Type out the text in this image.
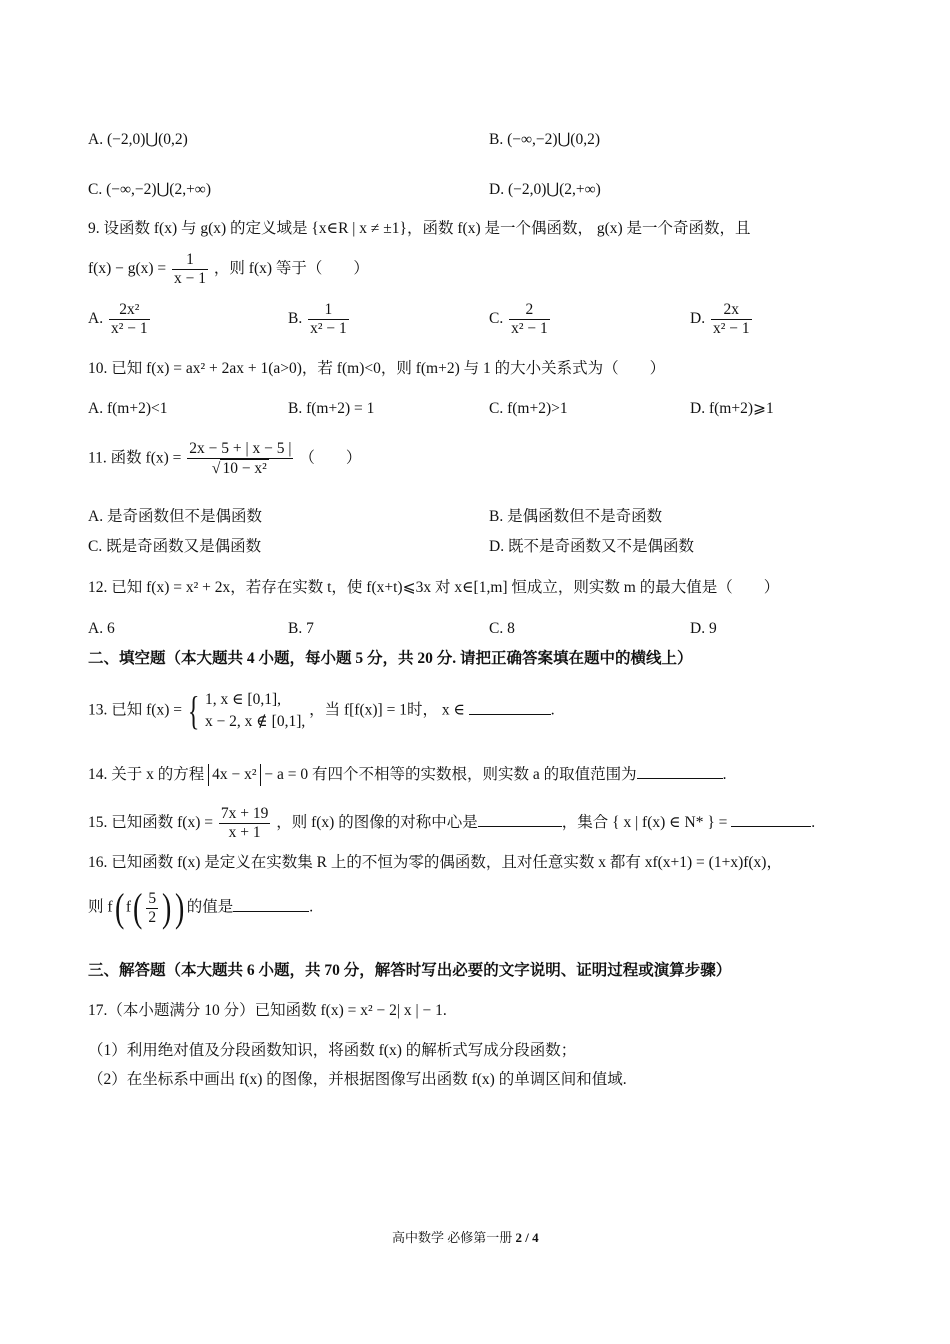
A. (−2,0)⋃(0,2)	B. (−∞,−2)⋃(0,2)
C. (−∞,−2)⋃(2,+∞)	D. (−2,0)⋃(2,+∞)
9. 设函数 f(x) 与 g(x) 的定义域是 {x∈R | x ≠ ±1}，函数 f(x) 是一个偶函数， g(x) 是一个奇函数，且
$f(x) - g(x) = \frac{1}{x - 1}$ ，则 f(x) 等于（　　）
A. $\frac{\text{2x²}}{\text{x² − 1}}$	B. $\frac{1}{\text{x² − 1}}$	C. $\frac{2}{\text{x² − 1}}$	D. $\frac{2x}{\text{x² − 1}}$
10. 已知 f(x) = ax² + 2ax + 1(a>0)，若 f(m)<0，则 f(m+2) 与 1 的大小关系式为（　　）
A. f(m+2)<1	B. f(m+2) = 1	C. f(m+2)>1	D. f(m+2)⩾1
11. 函数 $f(x) = \frac{2x - 5 + | x - 5 |}{\text{√ 10 − x²}}$ （　　）
A. 是奇函数但不是偶函数	B. 是偶函数但不是奇函数
C. 既是奇函数又是偶函数	D. 既不是奇函数又不是偶函数
12. 已知 f(x) = x² + 2x，若存在实数 t，使 f(x+t)⩽3x 对 x∈[1,m] 恒成立，则实数 m 的最大值是（　　）
A. 6	B. 7	C. 8	D. 9
二、填空题（本大题共 4 小题，每小题 5 分，共 20 分. 请把正确答案填在题中的横线上）
13. 已知 f(x) = { 1, x ∈ [0,1],
x − 2, x ∉ [0,1],
，当 f[f(x)] = 1时， x ∈	.
14. 关于 x 的方程 4x − x² − a = 0 有四个不相等的实数根，则实数 a 的取值范围为	.
15. 已知函数 $f(x) = \frac{7x + 19}{x + 1}$ ，则 f(x) 的图像的对称中心是	，集合 { x | f(x) ∈ N* } =	.
16. 已知函数 f(x) 是定义在实数集 R 上的不恒为零的偶函数，且对任意实数 x 都有 xf(x+1) = (1+x)f(x)，
则 f( $f( \frac{5}{2}$ )) 的值是	.
三、解答题（本大题共 6 小题，共 70 分，解答时写出必要的文字说明、证明过程或演算步骤）
17.（本小题满分 10 分）已知函数 f(x) = x² − 2| x | − 1.
（1）利用绝对值及分段函数知识，将函数 f(x) 的解析式写成分段函数；
（2）在坐标系中画出 f(x) 的图像，并根据图像写出函数 f(x) 的单调区间和值域.
高中数学 必修第一册 2 / 4
